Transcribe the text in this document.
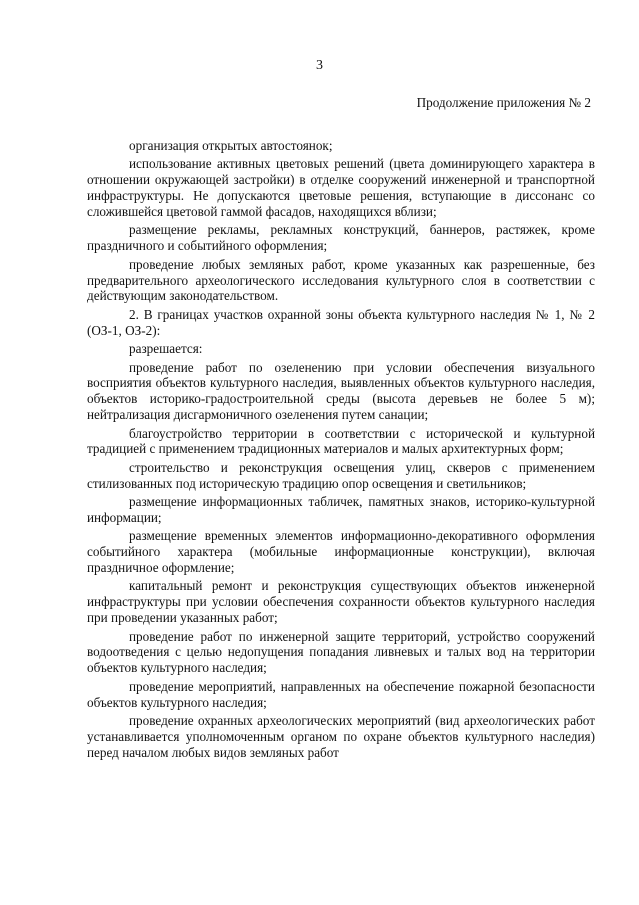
3
Продолжение приложения № 2

организация открытых автостоянок;

использование активных цветовых решений (цвета доминирующего характера в отношении окружающей застройки) в отделке сооружений инженерной и транспортной инфраструктуры. Не допускаются цветовые решения, вступающие в диссонанс со сложившейся цветовой гаммой фасадов, находящихся вблизи;

размещение рекламы, рекламных конструкций, баннеров, растяжек, кроме праздничного и событийного оформления;

проведение любых земляных работ, кроме указанных как разрешенные, без предварительного археологического исследования культурного слоя в соответствии с действующим законодательством.

2. В границах участков охранной зоны объекта культурного наследия № 1, № 2 (ОЗ-1, ОЗ-2):

разрешается:

проведение работ по озеленению при условии обеспечения визуального восприятия объектов культурного наследия, выявленных объектов культурного наследия, объектов историко-градостроительной среды (высота деревьев не более 5 м); нейтрализация дисгармоничного озеленения путем санации;

благоустройство территории в соответствии с исторической и культурной традицией с применением традиционных материалов и малых архитектурных форм;

строительство и реконструкция освещения улиц, скверов с применением стилизованных под историческую традицию опор освещения и светильников;

размещение информационных табличек, памятных знаков, историко-культурной информации;

размещение временных элементов информационно-декоративного оформления событийного характера (мобильные информационные конструкции), включая праздничное оформление;

капитальный ремонт и реконструкция существующих объектов инженерной инфраструктуры при условии обеспечения сохранности объектов культурного наследия при проведении указанных работ;

проведение работ по инженерной защите территорий, устройство сооружений водоотведения с целью недопущения попадания ливневых и талых вод на территории объектов культурного наследия;

проведение мероприятий, направленных на обеспечение пожарной безопасности объектов культурного наследия;

проведение охранных археологических мероприятий (вид археологических работ устанавливается уполномоченным органом по охране объектов культурного наследия) перед началом любых видов земляных работ
